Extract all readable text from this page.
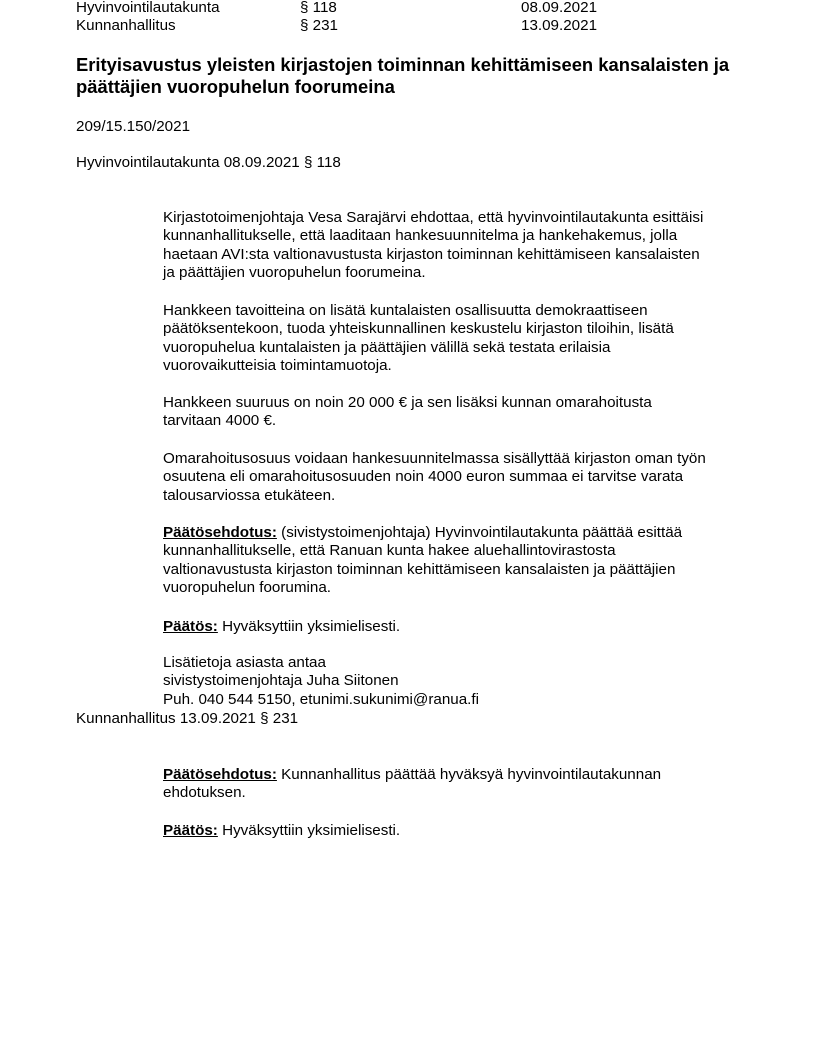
Hyvinvointilautakunta	§ 118	08.09.2021
Kunnanhallitus	§ 231	13.09.2021
Erityisavustus yleisten kirjastojen toiminnan kehittämiseen kansalaisten ja päättäjien vuoropuhelun foorumeina
209/15.150/2021
Hyvinvointilautakunta 08.09.2021 § 118
Kirjastotoimenjohtaja Vesa Sarajärvi ehdottaa, että hyvinvointilautakunta esittäisi
kunnanhallitukselle, että laaditaan hankesuunnitelma ja hankehakemus, jolla
haetaan AVI:sta valtionavustusta kirjaston toiminnan kehittämiseen kansalaisten
ja päättäjien vuoropuhelun foorumeina.
Hankkeen tavoitteina on lisätä kuntalaisten osallisuutta demokraattiseen
päätöksentekoon, tuoda yhteiskunnallinen keskustelu kirjaston tiloihin, lisätä
vuoropuhelua kuntalaisten ja päättäjien välillä sekä testata erilaisia
vuorovaikutteisia toimintamuotoja.
Hankkeen suuruus on noin 20 000 € ja sen lisäksi kunnan omarahoitusta
tarvitaan 4000 €.
Omarahoitusosuus voidaan hankesuunnitelmassa sisällyttää kirjaston oman työn
osuutena eli omarahoitusosuuden noin 4000 euron summaa ei tarvitse varata
talousarviossa etukäteen.
Päätösehdotus: (sivistystoimenjohtaja) Hyvinvointilautakunta päättää esittää
kunnanhallitukselle, että Ranuan kunta hakee aluehallintovirastosta
valtionavustusta kirjaston toiminnan kehittämiseen kansalaisten ja päättäjien
vuoropuhelun foorumina.
Päätös: Hyväksyttiin yksimielisesti.
Lisätietoja asiasta antaa
sivistystoimenjohtaja Juha Siitonen
Puh. 040 544 5150, etunimi.sukunimi@ranua.fi
Kunnanhallitus 13.09.2021 § 231
Päätösehdotus: Kunnanhallitus päättää hyväksyä hyvinvointilautakunnan
ehdotuksen.
Päätös: Hyväksyttiin yksimielisesti.
